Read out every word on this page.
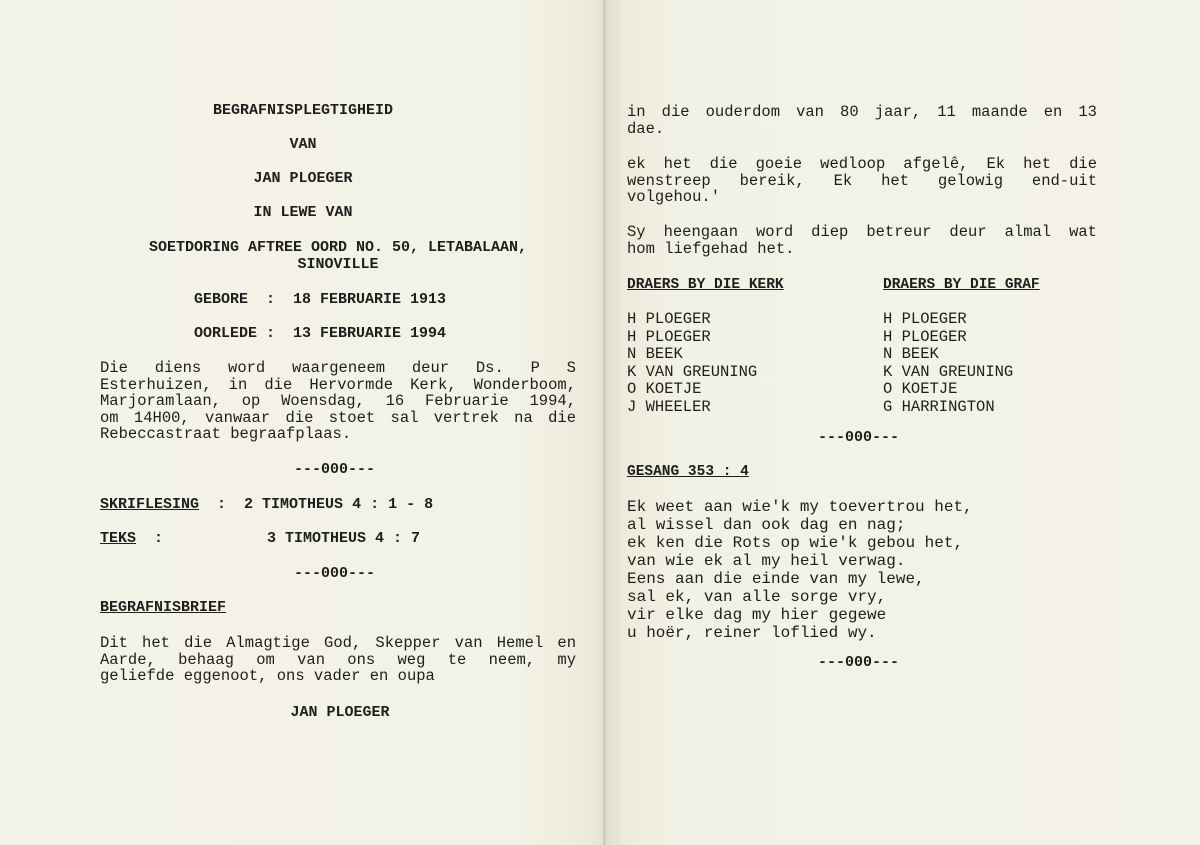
BEGRAFNISPLEGTIGHEID
VAN
JAN PLOEGER
IN LEWE VAN
SOETDORING AFTREE OORD NO. 50, LETABALAAN,
SINOVILLE
GEBORE  :  18 FEBRUARIE 1913
OORLEDE :  13 FEBRUARIE 1994
Die diens word waargeneem deur Ds. P S
Esterhuizen, in die Hervormde Kerk, Wonderboom,
Marjoramlaan, op Woensdag, 16 Februarie 1994,
om 14H00, vanwaar die stoet sal vertrek na die
Rebeccastraat begraafplaas.
---000---
SKRIFLESING  :  2 TIMOTHEUS 4 : 1 - 8
TEKS  :	3 TIMOTHEUS 4 : 7
---000---
BEGRAFNISBRIEF
Dit het die Almagtige God, Skepper van Hemel en
Aarde, behaag om van ons weg te neem, my
geliefde eggenoot, ons vader en oupa
JAN PLOEGER

in die ouderdom van 80 jaar, 11 maande en 13
dae.
ek het die goeie wedloop afgelê, Ek het die
wenstreep bereik, Ek het gelowig end-uit
volgehou.'
Sy heengaan word diep betreur deur almal wat
hom liefgehad het.
DRAERS BY DIE KERK	DRAERS BY DIE GRAF
H PLOEGER
H PLOEGER
N BEEK
K VAN GREUNING
O KOETJE
J WHEELER
H PLOEGER
H PLOEGER
N BEEK
K VAN GREUNING
O KOETJE
G HARRINGTON
---000---
GESANG 353 : 4
Ek weet aan wie'k my toevertrou het,
al wissel dan ook dag en nag;
ek ken die Rots op wie'k gebou het,
van wie ek al my heil verwag.
Eens aan die einde van my lewe,
sal ek, van alle sorge vry,
vir elke dag my hier gegewe
u hoër, reiner loflied wy.
---000---
